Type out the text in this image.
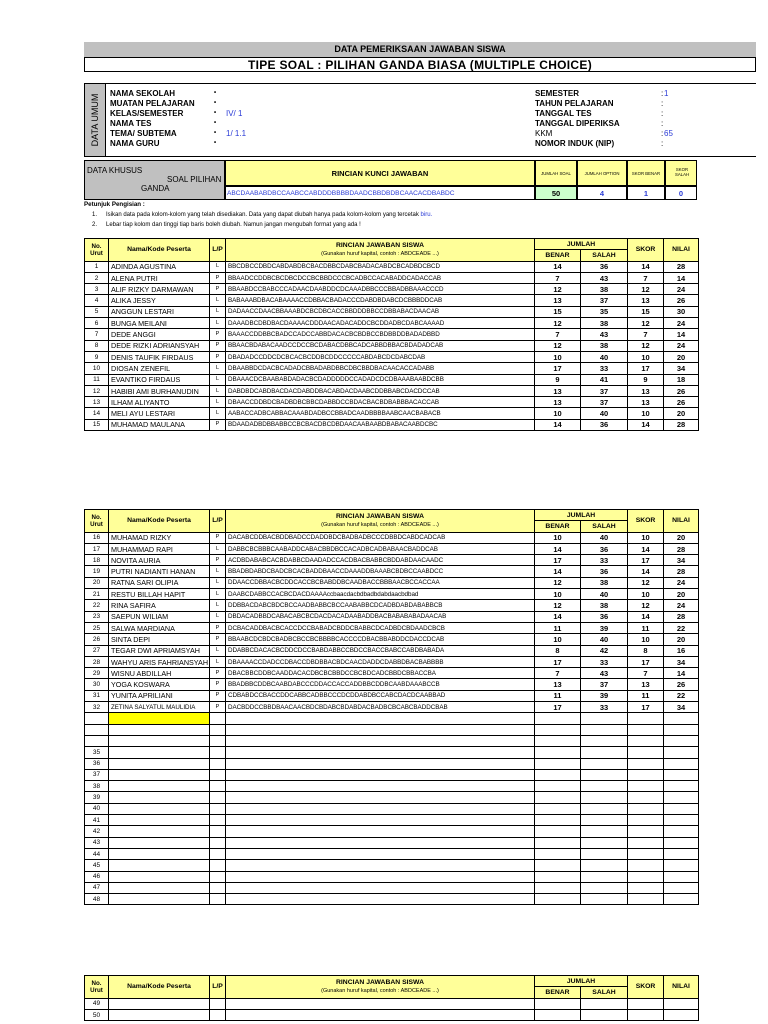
DATA PEMERIKSAAN JAWABAN SISWA
TIPE SOAL : PILIHAN GANDA BIASA (MULTIPLE CHOICE)
DATA UMUM
NAMA SEKOLAH	•
MUATAN PELAJARAN	•
KELAS/SEMESTER	• IV/ 1
NAMA TES	•
TEMA/ SUBTEMA	• 1/ 1.1
NAMA GURU	•
SEMESTER	: 1
TAHUN PELAJARAN	:
TANGGAL TES	:
TANGGAL DIPERIKSA	:
KKM	: 65
NOMOR INDUK (NIP)	:
DATA KHUSUS
SOAL PILIHAN
GANDA
RINCIAN KUNCI JAWABAN
ABCDAABABDBCCAABCCABDDDBBBBDAADCBBDBDBCAACACDBABDC
JUMLAH SOAL	JUMLAH OPTION	SKOR BENAR
SKOR SALAH
50	4	1	0
Petunjuk Pengisian :
1. Isikan data pada kolom-kolom yang telah disediakan. Data yang dapat diubah hanya pada kolom-kolom yang tercetak biru.
2. Lebar tiap kolom dan tinggi tiap baris boleh diubah. Namun jangan mengubah format yang ada !
No. Urut	Nama/Kode Peserta	L/P	RINCIAN JAWABAN SISWA
(Gunakan huruf kapital, contoh : ABDCEADE ...)	JUMLAH		SKOR	NILAI
				BENAR	SALAH		
1	ADINDA AGUSTINA	L	BBCDBCCDBDCABDABDBCBACDBBCDABCBADACABDCBCADBDCBCD	14	36	14	28
2	ALENA PUTRI	P	BBAADCCDDBCBCDBCDCCBCBBDCCCBCADBCCACABADDCADACCAB	7	43	7	14
3	ALIF RIZKY DARMAWAN	P	BBAABDCCBABCCCADAACDAABDDCDCAAADBBCCCBBADBBAAACCCD	12	38	12	24
4	ALIKA JESSY	L	BABAAABDBACABAAAACCDBBACBADACCCDABDBDABCDCBBBDDCAB	13	37	13	26
5	ANGGUN LESTARI	L	DADAACCDAACBBAAABDCBCDBCACCBBDDDBBCCDBBABACDAACAB	15	35	15	30
6	BUNGA MEILANI	L	DAAADBCDBDBACDAAAACDDDAACADACADDCBCDDADBCDABCAAAAD	12	38	12	24
7	DEDE ANGGI	P	BAAACCDDBBCBADCCADCCABBDACACBCBDBCCBDBBDDBADADBBD	7	43	7	14
8	DEDE RIZKI ADRIANSYAH	P	BBAACBDABACAADCCDCCBCDABACDBBCADCABBDBBACBDADADCAB	12	38	12	24
9	DENIS TAUFIK FIRDAUS	P	DBADADCCDDCDCBCACBCDDBCDDCCCCCABDABCDCDABCDAB	10	40	10	20
10	DIOSAN ZENEFIL	L	DBAABBDCDACBCADADCBBADABDBBCDBCBBDBACAACACCADABB	17	33	17	34
11	EVANTIKO FIRDAUS	L	DBAAACDCBAABABDADACBCDADDDDDCCADADCDCDBAAABAABDCBB	9	41	9	18
12	HABIBI AMI BURHANUDIN	L	DABDBDCABDBACDACDABDDBACABDACDAABCDDBBABCDACDCCAB	13	37	13	26
13	ILHAM ALIYANTO	L	DBAACCDDBDCBADBDBCBBCDABBDCCBDACBACBDBABBBACACCAB	13	37	13	26
14	MELI AYU LESTARI	L	AABACCADBCABBACAAABDADBCCBBADCAADBBBBAABCAACBABACB	10	40	10	20
15	MUHAMAD MAULANA	P	BDAADADBDBBABBCCBCBACDBCDBDAACAABAABDBABACAABDCBC	14	36	14	28
No. Urut	Nama/Kode Peserta	L/P	RINCIAN JAWABAN SISWA
(Gunakan huruf kapital, contoh : ABDCEADE ...)	JUMLAH		SKOR	NILAI
				BENAR	SALAH		
16	MUHAMAD RIZKY	P	DACABCDDBACBDDBADCCDADDBDCBADBADBCCCDBBDCABDCADCAB	10	40	10	20
17	MUHAMMAD RAPI	L	DABBCBCBBBCAABADDCABACBBDBCCACADBCADBABAACBADDCAB	14	36	14	28
18	NOVITA AURIA	P	ACDBDABABCACBDABBCDAADADCCACDBACBABBCBDDABDAACAADC	17	33	17	34
19	PUTRI NADIANTI HANAN	L	BBADBDABDCBADCBCACBADDBAACCDAAADDBAAABCBDBCCAABDCC	14	36	14	28
20	RATNA SARI OLIPIA	L	DDAACCDBBACBCDDCACCBCBABDDBCAADBACCBBBAACBCCACCAA	12	38	12	24
21	RESTU BILLAH HAPIT	L	DAABCDABBCCACBCDACDAAAAccbaacdacbdbadbdabdaacbdbad	10	40	10	20
22	RINA SAFIRA	L	DDBBACDABCBDCBCCAADBABBCBCCAABABBCDCADBDABDABABBCB	12	38	12	24
23	SAEPUN WILIAM	L	DBDACADBBDCABACABCBCDACDACADAABADDBACBABABABADAACAB	14	36	14	28
25	SALWA MARDIANA	P	DCBACADDBACBCACCDCCBABADCBDDCBABBCDCADBDCBDAADCBCB	11	39	11	22
26	SINTA DEPI	P	BBAABCDCBDCBADBCBCCBCBBBBCACCCCDBACBBABDDCDACCDCAB	10	40	10	20
27	TEGAR DWI APRIAMSYAH	L	DDABBCDACACBCDDCDCCBABDABBCCBDCCBACCBABCCABDBABADA	8	42	8	16
28	WAHYU ARIS FAHRIANSYAH	L	DBAAAACCDADCCDBACCDBDBBACBDCAACDADDCDABBDBACBABBBB	17	33	17	34
29	WISNU ABDILLAH	P	DBACBBCDDBCAADDACACDBCBCBBDCCBCBDCADCBBDCBBACCBA	7	43	7	14
30	YOGA KOSWARA	P	BBADBBCDDBCAABDABCCCDDACCACCADDBBCDDBCAABDAAABCCB	13	37	13	26
31	YUNITA APRILIANI	P	CDBABDCCBACCDDCABBCADBBCCCDCDDABDBCCABCDACDCAABBAD	11	39	11	22
32	ZETINA SALYATUL MAULIDIA	P	DACBDDCCBBDBAACAACBDCBDABCBDABDACBADBCBCABCBADDCBAB	17	33	17	34

35							
36							
37							
38							
39							
40							
41							
42							
43							
44							
45							
46							
47							
48							
No. Urut	Nama/Kode Peserta	L/P	RINCIAN JAWABAN SISWA
(Gunakan huruf kapital, contoh : ABDCEADE ...)	JUMLAH		SKOR	NILAI
				BENAR	SALAH		
49							
50							
